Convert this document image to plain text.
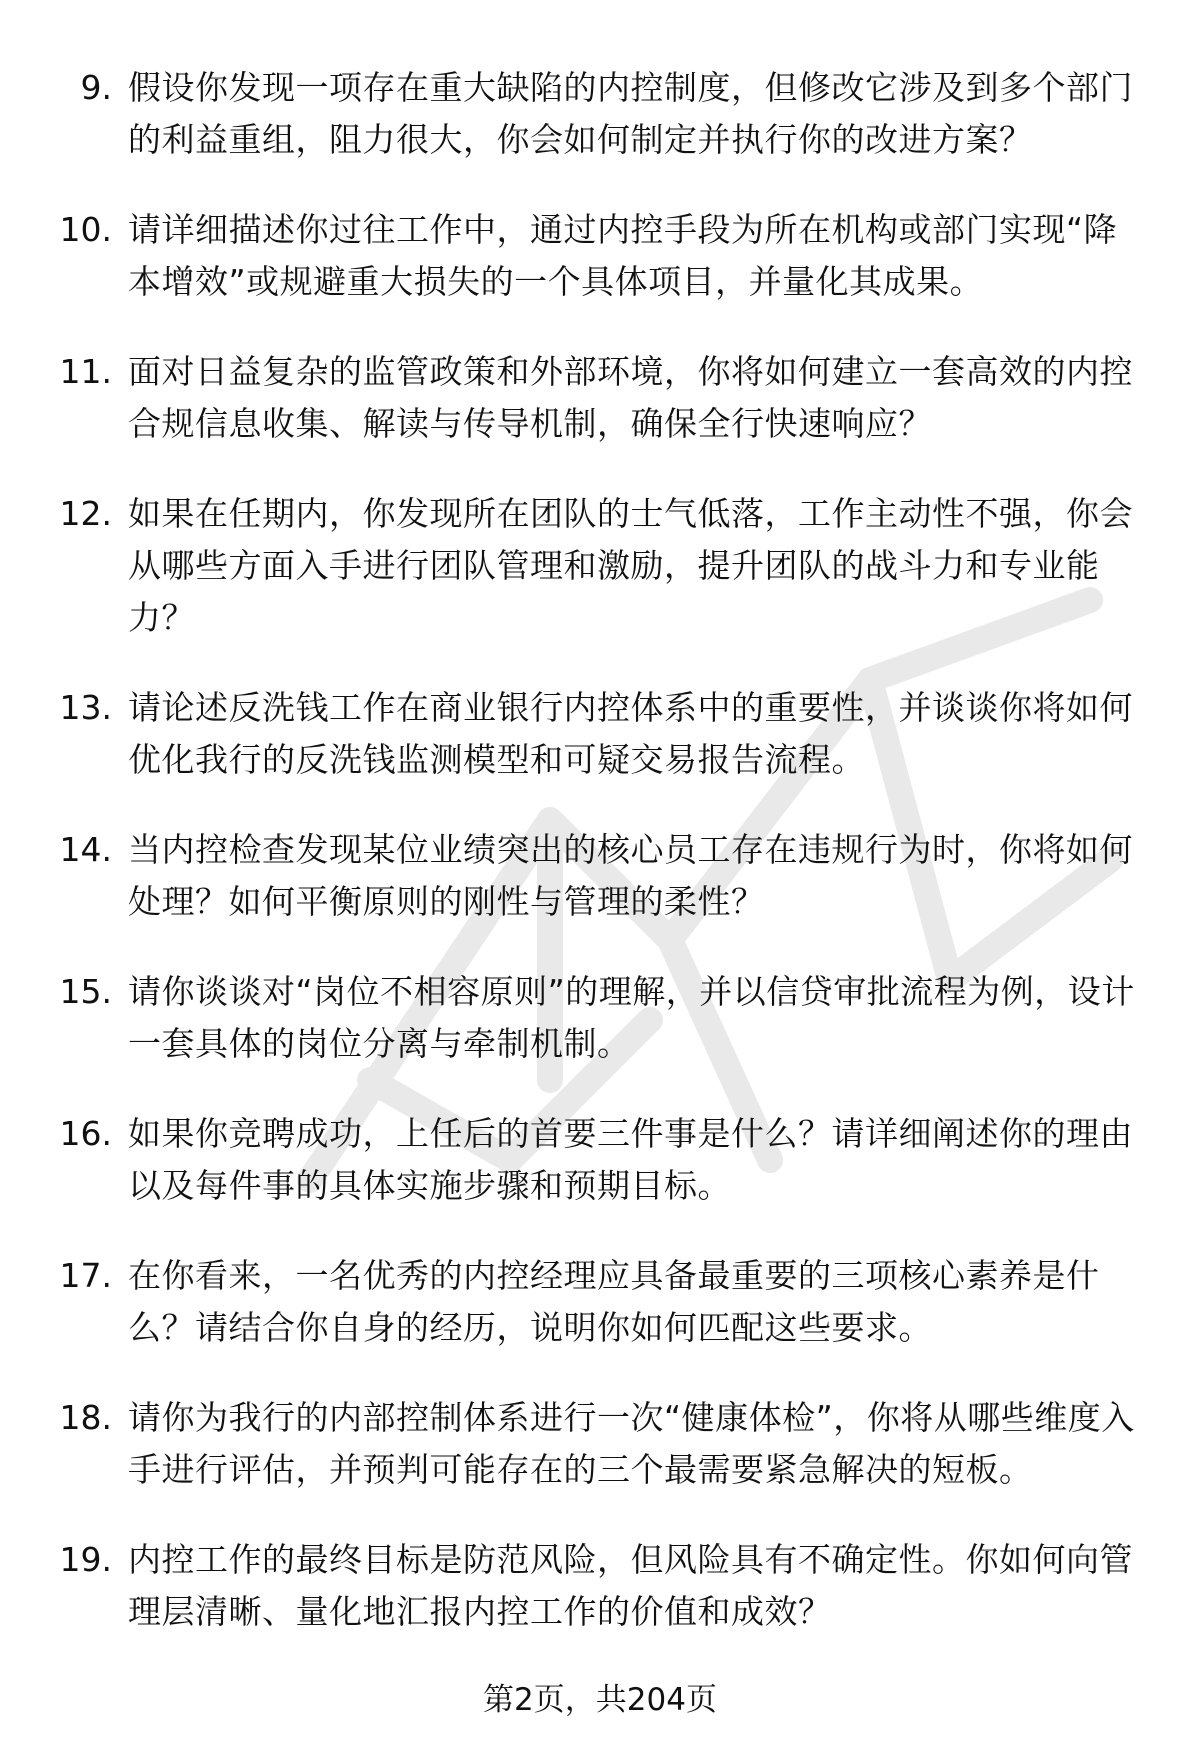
9. 假设你发现一项存在重大缺陷的内控制度，但修改它涉及到多个部门的利益重组，阻力很大，你会如何制定并执行你的改进方案？
10. 请详细描述你过往工作中，通过内控手段为所在机构或部门实现“降本增效”或规避重大损失的一个具体项目，并量化其成果。
11. 面对日益复杂的监管政策和外部环境，你将如何建立一套高效的内控合规信息收集、解读与传导机制，确保全行快速响应？
12. 如果在任期内，你发现所在团队的士气低落，工作主动性不强，你会从哪些方面入手进行团队管理和激励，提升团队的战斗力和专业能力？
13. 请论述反洗钱工作在商业银行内控体系中的重要性，并谈谈你将如何优化我行的反洗钱监测模型和可疑交易报告流程。
14. 当内控检查发现某位业绩突出的核心员工存在违规行为时，你将如何处理？如何平衡原则的刚性与管理的柔性？
15. 请你谈谈对“岗位不相容原则”的理解，并以信贷审批流程为例，设计一套具体的岗位分离与牵制机制。
16. 如果你竞聘成功，上任后的首要三件事是什么？请详细阐述你的理由以及每件事的具体实施步骤和预期目标。
17. 在你看来，一名优秀的内控经理应具备最重要的三项核心素养是什么？请结合你自身的经历，说明你如何匹配这些要求。
18. 请你为我行的内部控制体系进行一次“健康体检”，你将从哪些维度入手进行评估，并预判可能存在的三个最需要紧急解决的短板。
19. 内控工作的最终目标是防范风险，但风险具有不确定性。你如何向管理层清晰、量化地汇报内控工作的价值和成效？
第2页，共204页
